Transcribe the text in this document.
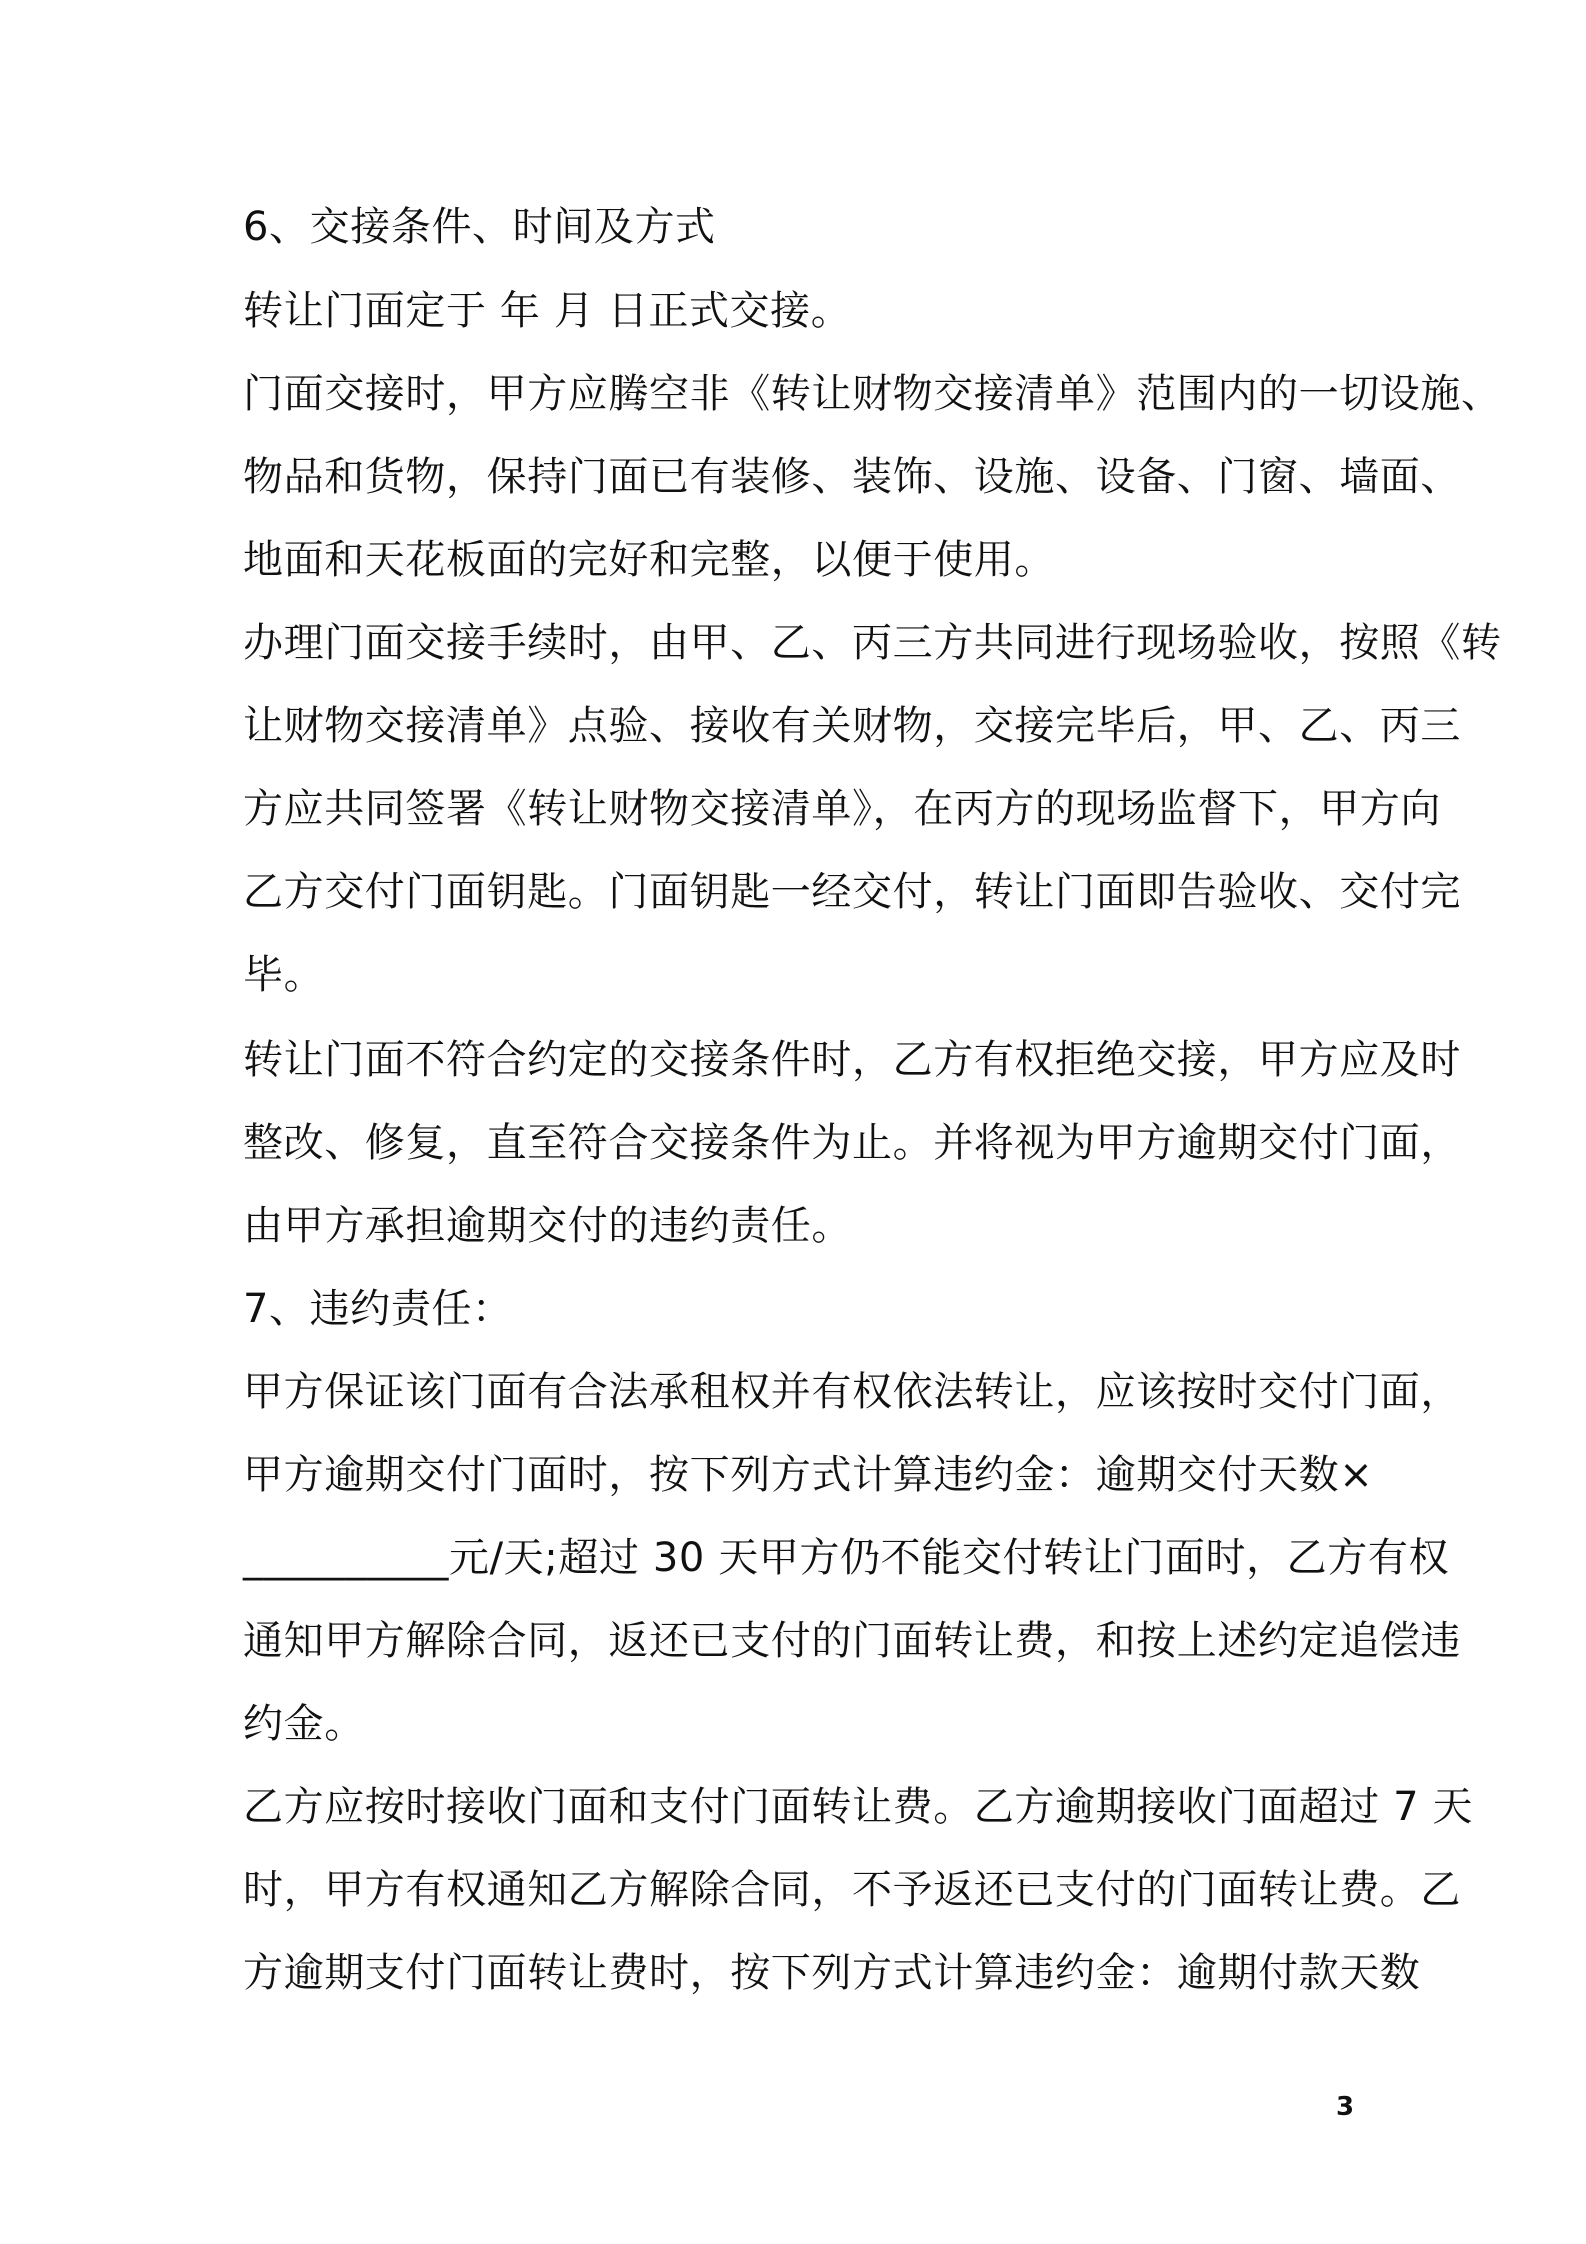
6、交接条件、时间及方式
转让门面定于 年 月 日正式交接。
门面交接时，甲方应腾空非《转让财物交接清单》范围内的一切设施、
物品和货物，保持门面已有装修、装饰、设施、设备、门窗、墙面、
地面和天花板面的完好和完整，以便于使用。
办理门面交接手续时，由甲、乙、丙三方共同进行现场验收，按照《转
让财物交接清单》点验、接收有关财物，交接完毕后，甲、乙、丙三
方应共同签署《转让财物交接清单》，在丙方的现场监督下，甲方向
乙方交付门面钥匙。门面钥匙一经交付，转让门面即告验收、交付完
毕。
转让门面不符合约定的交接条件时，乙方有权拒绝交接，甲方应及时
整改、修复，直至符合交接条件为止。并将视为甲方逾期交付门面，
由甲方承担逾期交付的违约责任。
7、违约责任：
甲方保证该门面有合法承租权并有权依法转让，应该按时交付门面，
甲方逾期交付门面时，按下列方式计算违约金：逾期交付天数×
__________元/天;超过 30 天甲方仍不能交付转让门面时，乙方有权
通知甲方解除合同，返还已支付的门面转让费，和按上述约定追偿违
约金。
乙方应按时接收门面和支付门面转让费。乙方逾期接收门面超过 7 天
时，甲方有权通知乙方解除合同，不予返还已支付的门面转让费。乙
方逾期支付门面转让费时，按下列方式计算违约金：逾期付款天数
3
